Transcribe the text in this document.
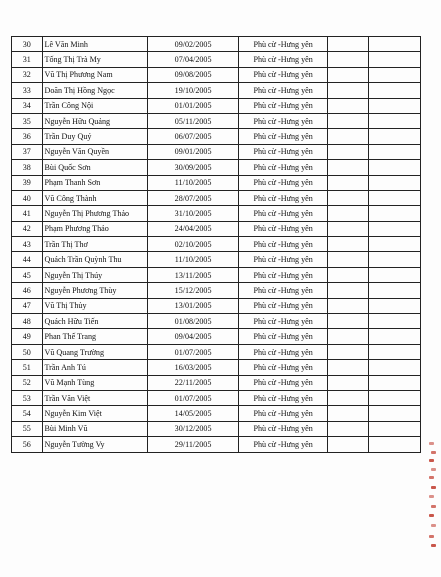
30	Lê Văn Minh	09/02/2005	Phù cừ -Hưng yên		
31	Tống Thị Trà My	07/04/2005	Phù cừ -Hưng yên		
32	Vũ Thị Phương Nam	09/08/2005	Phù cừ -Hưng yên		
33	Doãn Thị Hồng Ngọc	19/10/2005	Phù cừ -Hưng yên		
34	Trần Công Nội	01/01/2005	Phù cừ -Hưng yên		
35	Nguyễn Hữu Quảng	05/11/2005	Phù cừ -Hưng yên		
36	Trần Duy Quý	06/07/2005	Phù cừ -Hưng yên		
37	Nguyễn Văn Quyền	09/01/2005	Phù cừ -Hưng yên		
38	Bùi Quốc Sơn	30/09/2005	Phù cừ -Hưng yên		
39	Phạm Thanh Sơn	11/10/2005	Phù cừ -Hưng yên		
40	Vũ Công Thành	28/07/2005	Phù cừ -Hưng yên		
41	Nguyễn Thị Phương Thảo	31/10/2005	Phù cừ -Hưng yên		
42	Phạm Phương Thảo	24/04/2005	Phù cừ -Hưng yên		
43	Trần Thị Thơ	02/10/2005	Phù cừ -Hưng yên		
44	Quách Trần Quỳnh Thu	11/10/2005	Phù cừ -Hưng yên		
45	Nguyễn Thị Thúy	13/11/2005	Phù cừ -Hưng yên		
46	Nguyễn Phương Thùy	15/12/2005	Phù cừ -Hưng yên		
47	Vũ Thị Thủy	13/01/2005	Phù cừ -Hưng yên		
48	Quách Hữu Tiến	01/08/2005	Phù cừ -Hưng yên		
49	Phan Thế Trang	09/04/2005	Phù cừ -Hưng yên		
50	Vũ Quang Trường	01/07/2005	Phù cừ -Hưng yên		
51	Trần Anh Tú	16/03/2005	Phù cừ -Hưng yên		
52	Vũ Mạnh Tùng	22/11/2005	Phù cừ -Hưng yên		
53	Trần Văn Việt	01/07/2005	Phù cừ -Hưng yên		
54	Nguyễn Kim Việt	14/05/2005	Phù cừ -Hưng yên		
55	Bùi Minh Vũ	30/12/2005	Phù cừ -Hưng yên		
56	Nguyễn Tường Vy	29/11/2005	Phù cừ -Hưng yên		
